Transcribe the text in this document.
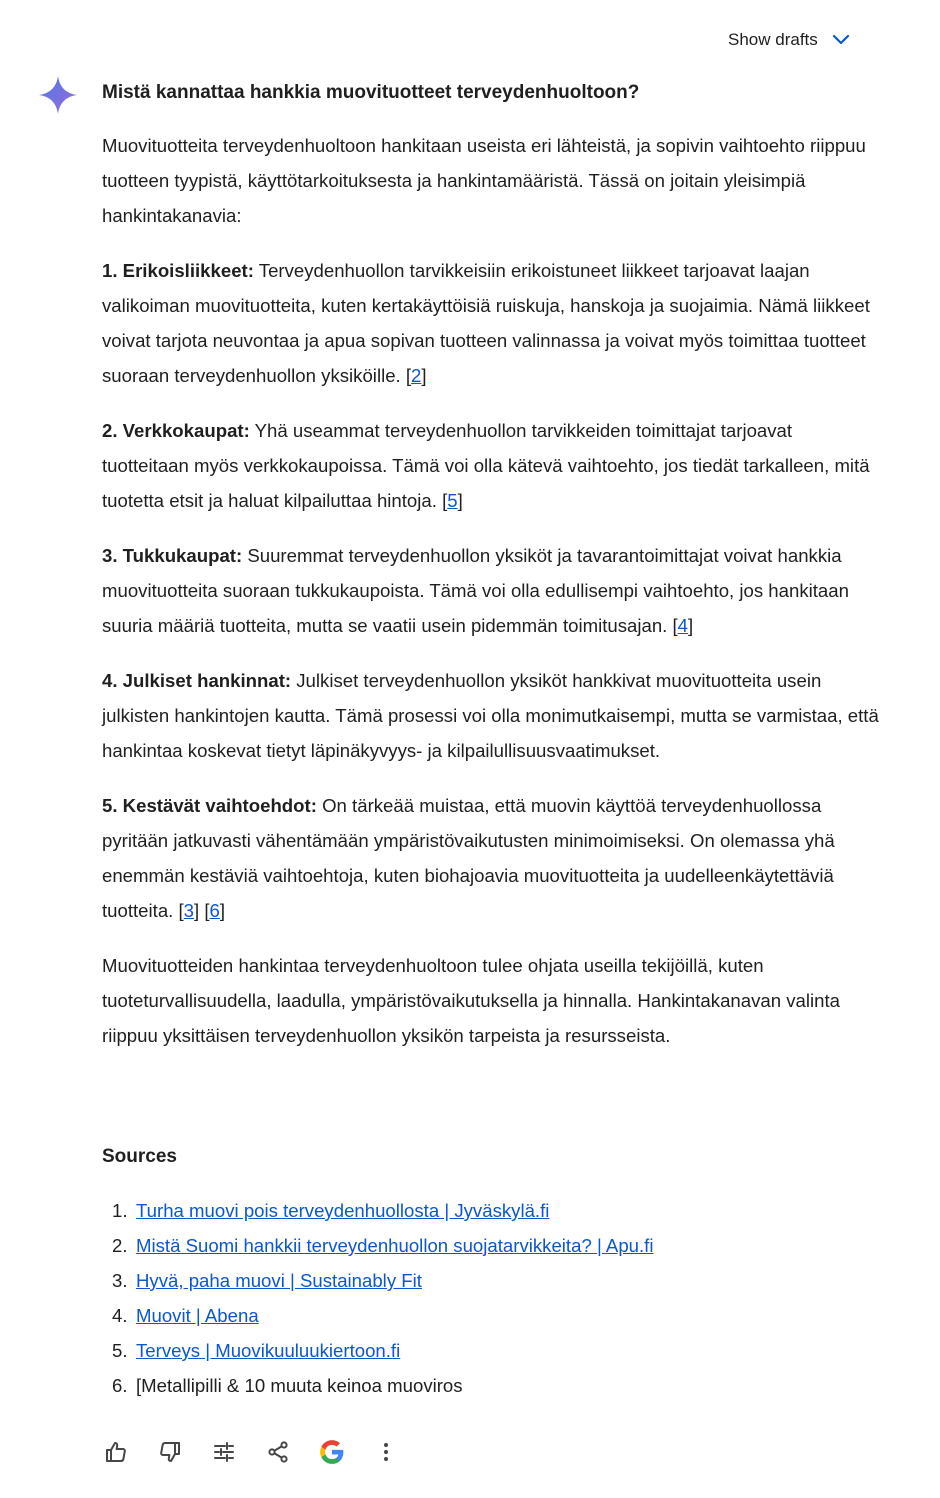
Show drafts
Mistä kannattaa hankkia muovituotteet terveydenhuoltoon?

Muovituotteita terveydenhuoltoon hankitaan useista eri lähteistä, ja sopivin vaihtoehto riippuu tuotteen tyypistä, käyttötarkoituksesta ja hankintamääristä. Tässä on joitain yleisimpiä hankintakanavia:

1. Erikoisliikkeet: Terveydenhuollon tarvikkeisiin erikoistuneet liikkeet tarjoavat laajan valikoiman muovituotteita, kuten kertakäyttöisiä ruiskuja, hanskoja ja suojaimia. Nämä liikkeet voivat tarjota neuvontaa ja apua sopivan tuotteen valinnassa ja voivat myös toimittaa tuotteet suoraan terveydenhuollon yksiköille. [2]

2. Verkkokaupat: Yhä useammat terveydenhuollon tarvikkeiden toimittajat tarjoavat tuotteitaan myös verkkokaupoissa. Tämä voi olla kätevä vaihtoehto, jos tiedät tarkalleen, mitä tuotetta etsit ja haluat kilpailuttaa hintoja. [5]

3. Tukkukaupat: Suuremmat terveydenhuollon yksiköt ja tavarantoimittajat voivat hankkia muovituotteita suoraan tukkukaupoista. Tämä voi olla edullisempi vaihtoehto, jos hankitaan suuria määriä tuotteita, mutta se vaatii usein pidemmän toimitusajan. [4]

4. Julkiset hankinnat: Julkiset terveydenhuollon yksiköt hankkivat muovituotteita usein julkisten hankintojen kautta. Tämä prosessi voi olla monimutkaisempi, mutta se varmistaa, että hankintaa koskevat tietyt läpinäkyvyys- ja kilpailullisuusvaatimukset.

5. Kestävät vaihtoehdot: On tärkeää muistaa, että muovin käyttöä terveydenhuollossa pyritään jatkuvasti vähentämään ympäristövaikutusten minimoimiseksi. On olemassa yhä enemmän kestäviä vaihtoehtoja, kuten biohajoavia muovituotteita ja uudelleenkäytettäviä tuotteita. [3] [6]

Muovituotteiden hankintaa terveydenhuoltoon tulee ohjata useilla tekijöillä, kuten tuoteturvallisuudella, laadulla, ympäristövaikutuksella ja hinnalla. Hankintakanavan valinta riippuu yksittäisen terveydenhuollon yksikön tarpeista ja resursseista.

Sources
1. Turha muovi pois terveydenhuollosta | Jyväskylä.fi
2. Mistä Suomi hankkii terveydenhuollon suojatarvikkeita? | Apu.fi
3. Hyvä, paha muovi | Sustainably Fit
4. Muovit | Abena
5. Terveys | Muovikuuluukiertoon.fi
6. [Metallipilli & 10 muuta keinoa muoviros
